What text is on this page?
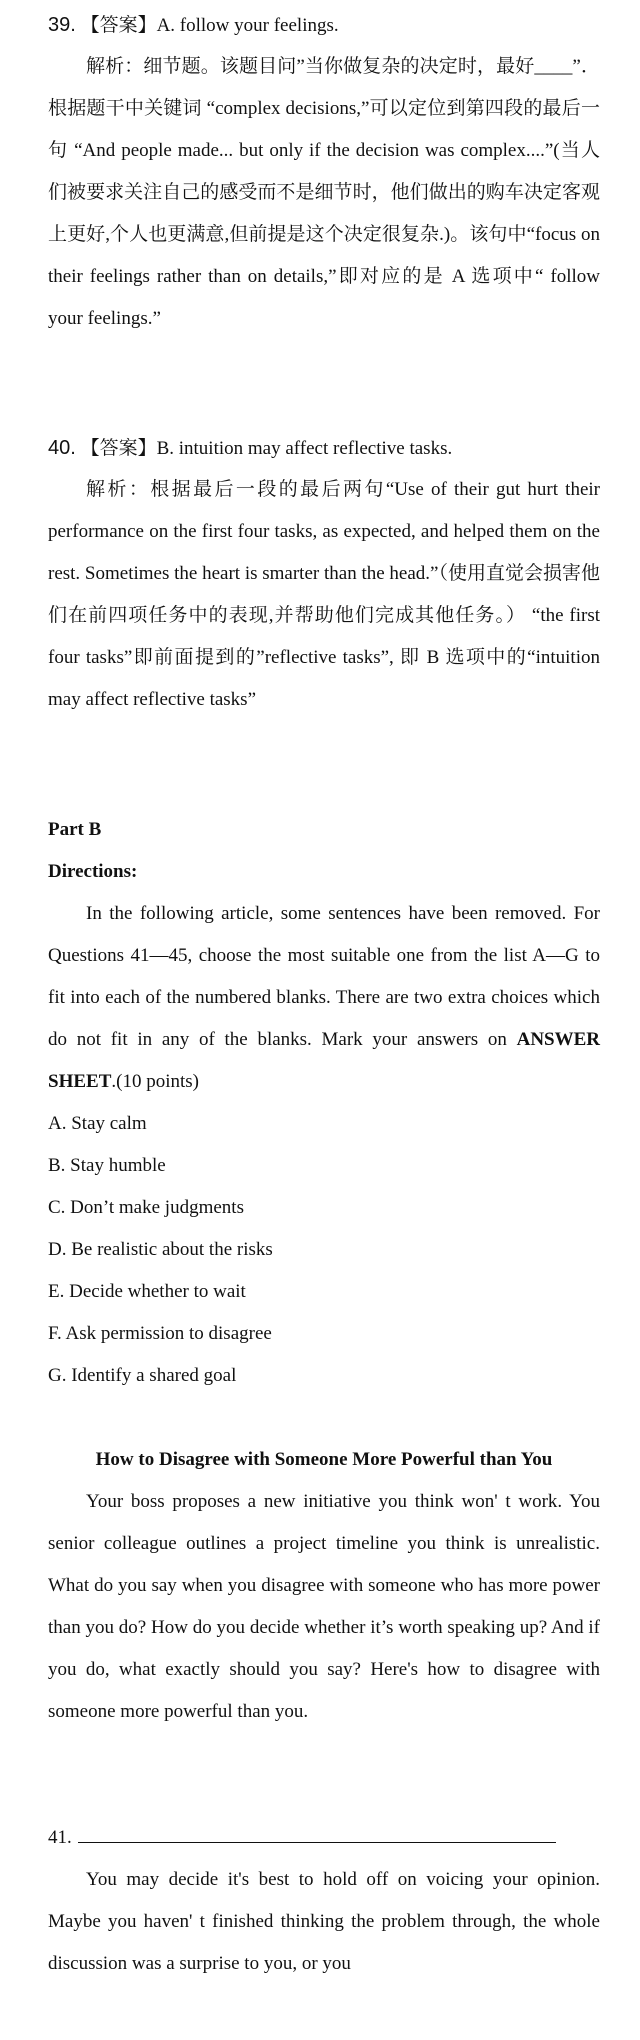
39. 【答案】A. follow your feelings.

解析：细节题。该题目问”当你做复杂的决定时，最好____”．根据题干中关键词 “complex decisions,”可以定位到第四段的最后一句 “And people made... but only if the decision was complex....”(当人们被要求关注自己的感受而不是细节时，他们做出的购车决定客观上更好,个人也更满意,但前提是这个决定很复杂.)。该句中“focus on their feelings rather than on details,”即对应的是 A 选项中“ follow your feelings.”

40. 【答案】B. intuition may affect reflective tasks.

解析：根据最后一段的最后两句“Use of their gut hurt their performance on the first four tasks, as expected, and helped them on the rest. Sometimes the heart is smarter than the head.”（使用直觉会损害他们在前四项任务中的表现,并帮助他们完成其他任务。） “the first four tasks”即前面提到的”reflective tasks”, 即 B 选项中的“intuition may affect reflective tasks”

Part B

Directions:

In the following article, some sentences have been removed. For Questions 41—45, choose the most suitable one from the list A—G to fit into each of the numbered blanks. There are two extra choices which do not fit in any of the blanks. Mark your answers on ANSWER SHEET.(10 points)

A. Stay calm
B. Stay humble
C. Don’t make judgments
D. Be realistic about the risks
E. Decide whether to wait
F. Ask permission to disagree
G. Identify a shared goal

How to Disagree with Someone More Powerful than You

Your boss proposes a new initiative you think won' t work. You senior colleague outlines a project timeline you think is unrealistic. What do you say when you disagree with someone who has more power than you do? How do you decide whether it’s worth speaking up? And if you do, what exactly should you say? Here's how to disagree with someone more powerful than you.

41.

You may decide it's best to hold off on voicing your opinion. Maybe you haven' t finished thinking the problem through, the whole discussion was a surprise to you, or you
